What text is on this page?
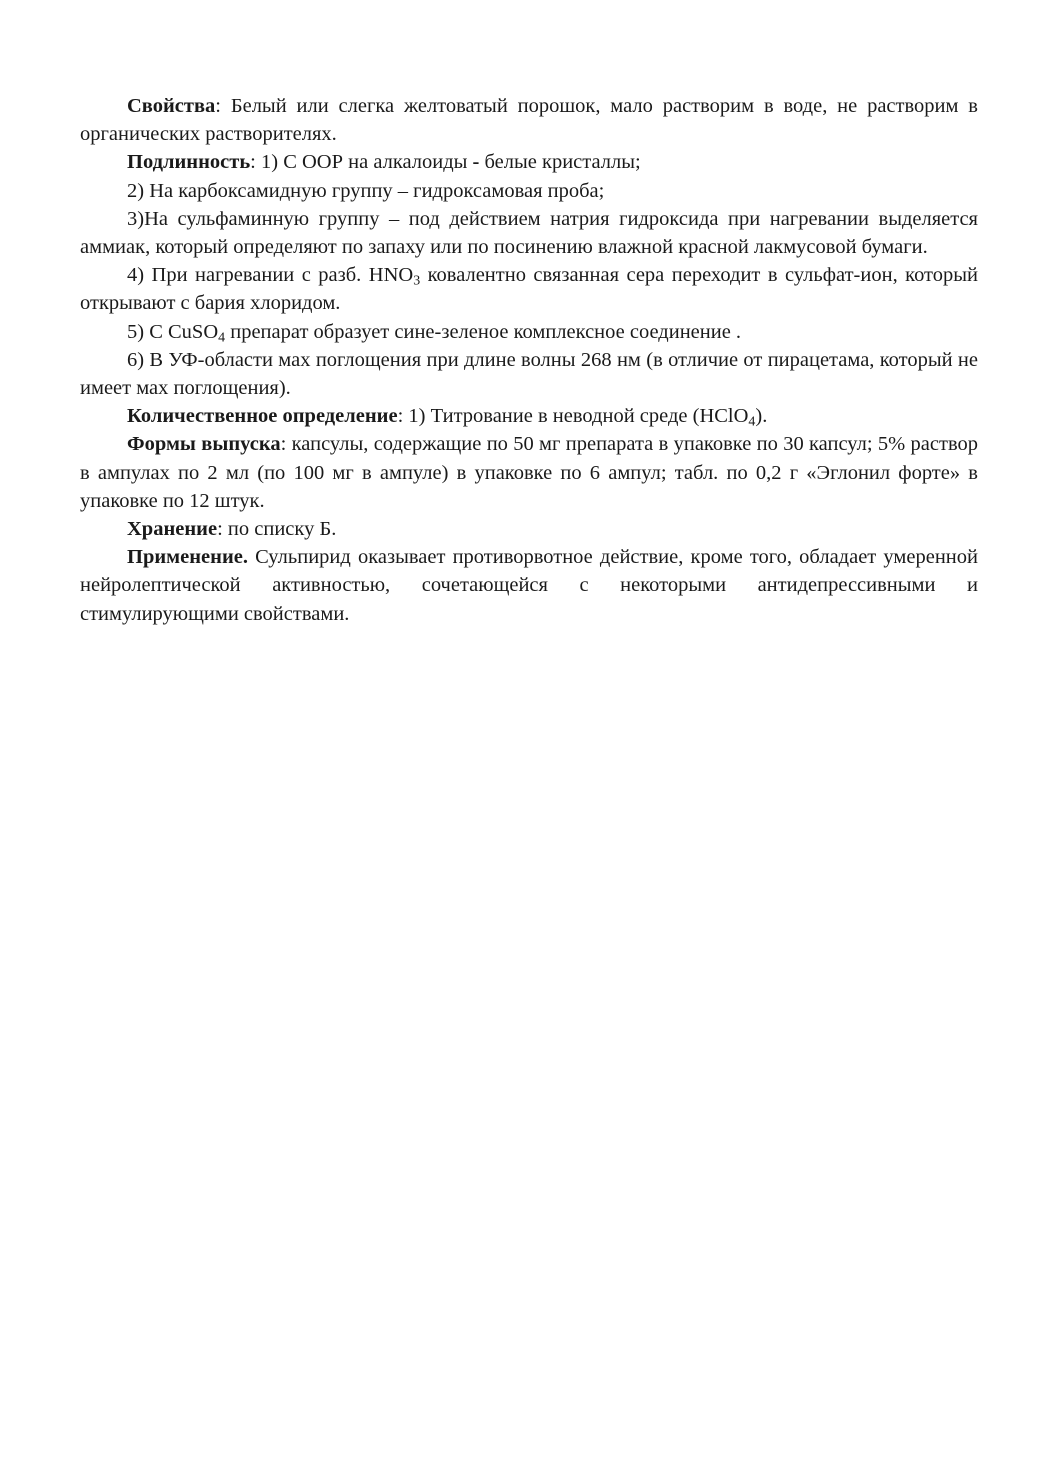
Свойства: Белый или слегка желтоватый порошок, мало растворим в воде, не растворим в органических растворителях.

Подлинность: 1) С ООР на алкалоиды - белые кристаллы;

2) На карбоксамидную группу – гидроксамовая проба;

3)На сульфаминную группу – под действием натрия гидроксида при нагревании выделяется аммиак, который определяют по запаху или по посинению влажной красной лакмусовой бумаги.

4) При нагревании с разб. $HNO_3$ ковалентно связанная сера переходит в сульфат-ион, который открывают с бария хлоридом.

5) С CuSO$_4$ препарат образует сине-зеленое комплексное соединение .

6) В УФ-области мах поглощения при длине волны 268 нм (в отличие от пирацетама, который не имеет мах поглощения).

Количественное определение: 1) Титрование в неводной среде (HClO$_4$).

Формы выпуска: капсулы, содержащие по 50 мг препарата в упаковке по 30 капсул; 5% раствор в ампулах по 2 мл (по 100 мг в ампуле) в упаковке по 6 ампул; табл. по 0,2 г «Эглонил форте» в упаковке по 12 штук.

Хранение: по списку Б.

Применение. Сульпирид оказывает противорвотное действие, кроме того, обладает умеренной нейролептической активностью, сочетающейся с некоторыми антидепрессивными и стимулирующими свойствами.
